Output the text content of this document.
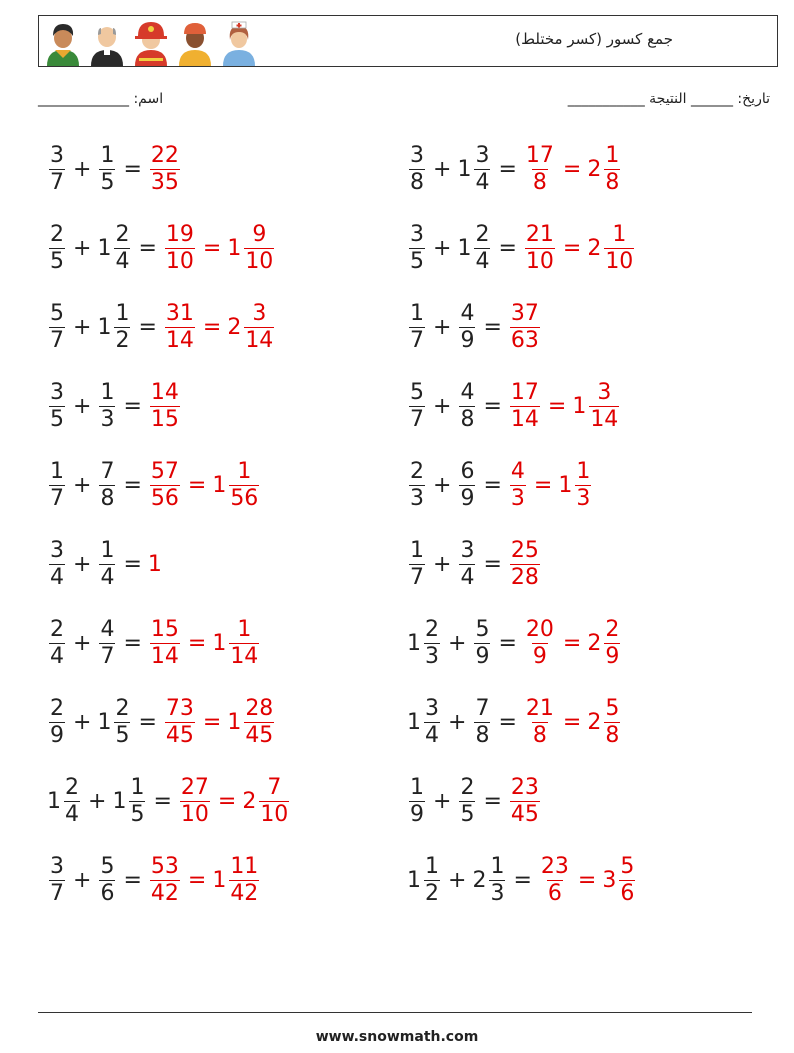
جمع كسور (كسر مختلط)
اسم: _____________	تاريخ: ______ النتيجة ___________
$\frac{3}{7} + \frac{1}{5} = \frac{22}{35}$	$\frac{3}{8} + 1 \frac{3}{4} = \frac{17}{8} = 2 \frac{1}{8}$
$\frac{2}{5} + 1 \frac{2}{4} = \frac{19}{10} = 1 \frac{9}{10}$	$\frac{3}{5} + 1 \frac{2}{4} = \frac{21}{10} = 2 \frac{1}{10}$
$\frac{5}{7} + 1 \frac{1}{2} = \frac{31}{14} = 2 \frac{3}{14}$	$\frac{1}{7} + \frac{4}{9} = \frac{37}{63}$
$\frac{3}{5} + \frac{1}{3} = \frac{14}{15}$	$\frac{5}{7} + \frac{4}{8} = \frac{17}{14} = 1 \frac{3}{14}$
$\frac{1}{7} + \frac{7}{8} = \frac{57}{56} = 1 \frac{1}{56}$	$\frac{2}{3} + \frac{6}{9} = \frac{4}{3} = 1 \frac{1}{3}$
$\frac{3}{4} + \frac{1}{4} = 1$	$\frac{1}{7} + \frac{3}{4} = \frac{25}{28}$
$\frac{2}{4} + \frac{4}{7} = \frac{15}{14} = 1 \frac{1}{14}$	$1 \frac{2}{3} + \frac{5}{9} = \frac{20}{9} = 2 \frac{2}{9}$
$\frac{2}{9} + 1 \frac{2}{5} = \frac{73}{45} = 1 \frac{28}{45}$	$1 \frac{3}{4} + \frac{7}{8} = \frac{21}{8} = 2 \frac{5}{8}$
$1 \frac{2}{4} + 1 \frac{1}{5} = \frac{27}{10} = 2 \frac{7}{10}$	$\frac{1}{9} + \frac{2}{5} = \frac{23}{45}$
$\frac{3}{7} + \frac{5}{6} = \frac{53}{42} = 1 \frac{11}{42}$	$1 \frac{1}{2} + 2 \frac{1}{3} = \frac{23}{6} = 3 \frac{5}{6}$
www.snowmath.com
